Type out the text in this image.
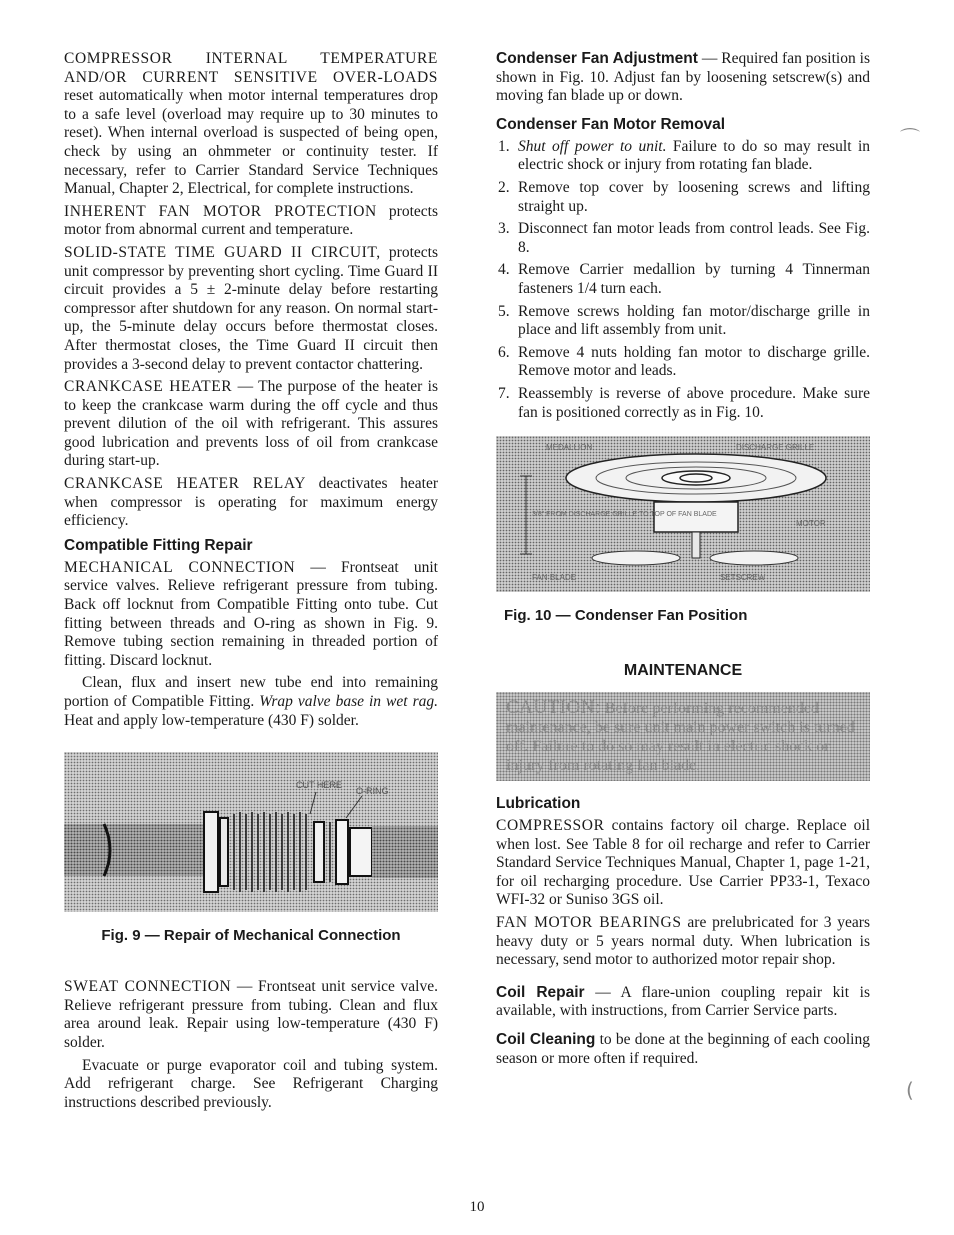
COMPRESSOR INTERNAL TEMPERATURE AND/OR CURRENT SENSITIVE OVER-LOADS reset automatically when motor internal temperatures drop to a safe level (overload may require up to 30 minutes to reset). When internal overload is suspected of being open, check by using an ohmmeter or continuity tester. If necessary, refer to Carrier Standard Service Techniques Manual, Chapter 2, Electrical, for complete instructions.

INHERENT FAN MOTOR PROTECTION protects motor from abnormal current and temperature.

SOLID-STATE TIME GUARD II CIRCUIT, protects unit compressor by preventing short cycling. Time Guard II circuit provides a 5 ± 2-minute delay before restarting compressor after shutdown for any reason. On normal start-up, the 5-minute delay occurs before thermostat closes. After thermostat closes, the Time Guard II circuit then provides a 3-second delay to prevent contactor chattering.

CRANKCASE HEATER — The purpose of the heater is to keep the crankcase warm during the off cycle and thus prevent dilution of the oil with refrigerant. This assures good lubrication and prevents loss of oil from crankcase during start-up.

CRANKCASE HEATER RELAY deactivates heater when compressor is operating for maximum energy efficiency.

Compatible Fitting Repair

MECHANICAL CONNECTION — Frontseat unit service valves. Relieve refrigerant pressure from tubing. Back off locknut from Compatible Fitting onto tube. Cut fitting between threads and O-ring as shown in Fig. 9. Remove tubing section remaining in threaded portion of fitting. Discard locknut.

Clean, flux and insert new tube end into remaining portion of Compatible Fitting. Wrap valve base in wet rag. Heat and apply low-temperature (430 F) solder.

CUT HERE
O-RING
Fig. 9 — Repair of Mechanical Connection

SWEAT CONNECTION — Frontseat unit service valve. Relieve refrigerant pressure from tubing. Clean and flux area around leak. Repair using low-temperature (430 F) solder.

Evacuate or purge evaporator coil and tubing system. Add refrigerant charge. See Refrigerant Charging instructions described previously.

Condenser Fan Adjustment — Required fan position is shown in Fig. 10. Adjust fan by loosening setscrew(s) and moving fan blade up or down.

Condenser Fan Motor Removal
1. Shut off power to unit. Failure to do so may result in electric shock or injury from rotating fan blade.
2. Remove top cover by loosening screws and lifting straight up.
3. Disconnect fan motor leads from control leads. See Fig. 8.
4. Remove Carrier medallion by turning 4 Tinnerman fasteners 1/4 turn each.
5. Remove screws holding fan motor/discharge grille in place and lift assembly from unit.
6. Remove 4 nuts holding fan motor to discharge grille. Remove motor and leads.
7. Reassembly is reverse of above procedure. Make sure fan is positioned correctly as in Fig. 10.
MEDALLION	DISCHARGE GRILLE
3/8" FROM DISCHARGE GRILLE TO TOP OF FAN BLADE
MOTOR
FAN BLADE	SETSCREW
Fig. 10 — Condenser Fan Position
MAINTENANCE
CAUTION: Before performing recommended maintenance, be sure unit main power switch is turned off. Failure to do so may result in electric shock or injury from rotating fan blade.
Lubrication

COMPRESSOR contains factory oil charge. Replace oil when lost. See Table 8 for oil recharge and refer to Carrier Standard Service Techniques Manual, Chapter 1, page 1-21, for oil recharging procedure. Use Carrier PP33-1, Texaco WFI-32 or Suniso 3GS oil.

FAN MOTOR BEARINGS are prelubricated for 3 years heavy duty or 5 years normal duty. When lubrication is necessary, send motor to authorized motor repair shop.

Coil Repair — A flare-union coupling repair kit is available, with instructions, from Carrier Service parts.

Coil Cleaning to be done at the beginning of each cooling season or more often if required.

⌒
(
10
